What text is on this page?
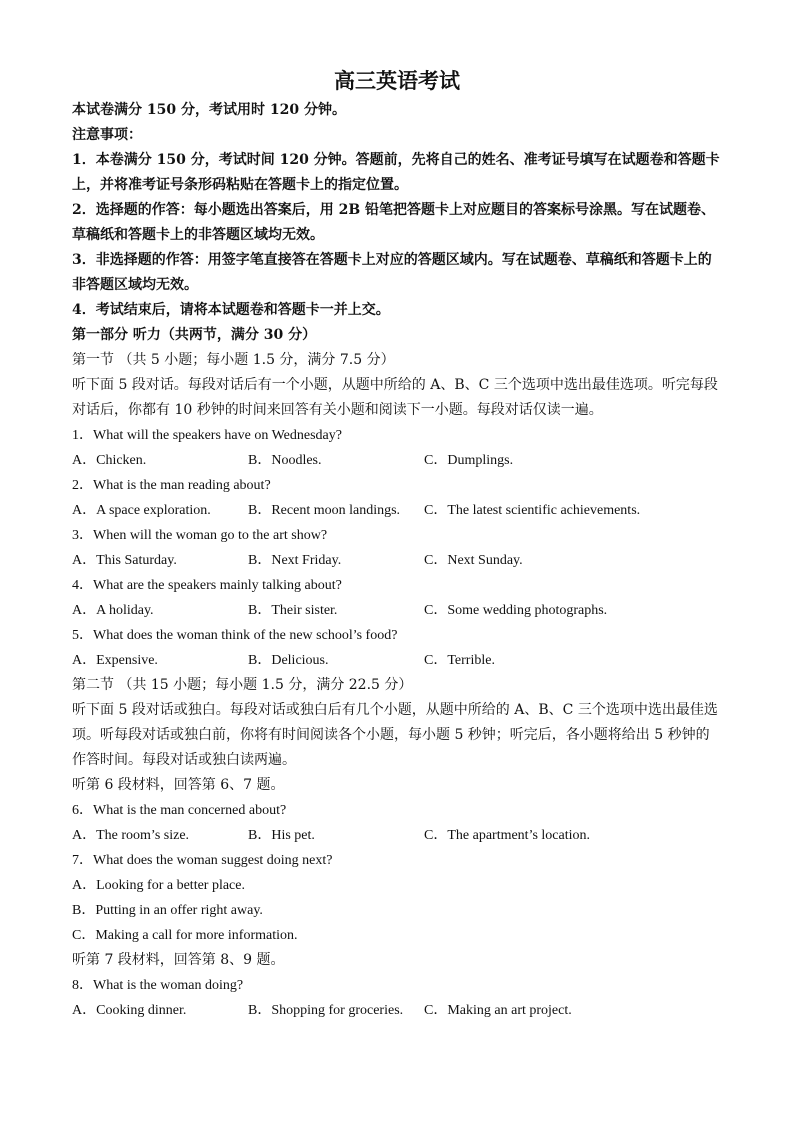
高三英语考试
本试卷满分 150 分，考试用时 120 分钟。
注意事项：
1．本卷满分 150 分，考试时间 120 分钟。答题前，先将自己的姓名、准考证号填写在试题卷和答题卡上，并将准考证号条形码粘贴在答题卡上的指定位置。
2．选择题的作答：每小题选出答案后，用 2B 铅笔把答题卡上对应题目的答案标号涂黑。写在试题卷、草稿纸和答题卡上的非答题区域均无效。
3．非选择题的作答：用签字笔直接答在答题卡上对应的答题区域内。写在试题卷、草稿纸和答题卡上的非答题区域均无效。
4．考试结束后，请将本试题卷和答题卡一并上交。
第一部分 听力（共两节，满分 30 分）
第一节 （共 5 小题；每小题 1.5 分，满分 7.5 分）
听下面 5 段对话。每段对话后有一个小题，从题中所给的 A、B、C 三个选项中选出最佳选项。听完每段对话后，你都有 10 秒钟的时间来回答有关小题和阅读下一小题。每段对话仅读一遍。
1．What will the speakers have on Wednesday?
A．Chicken.	B．Noodles.	C．Dumplings.
2．What is the man reading about?
A．A space exploration.	B．Recent moon landings.	C．The latest scientific achievements.
3．When will the woman go to the art show?
A．This Saturday.	B．Next Friday.	C．Next Sunday.
4．What are the speakers mainly talking about?
A．A holiday.	B．Their sister.	C．Some wedding photographs.
5．What does the woman think of the new school’s food?
A．Expensive.	B．Delicious.	C．Terrible.
第二节 （共 15 小题；每小题 1.5 分，满分 22.5 分）
听下面 5 段对话或独白。每段对话或独白后有几个小题，从题中所给的 A、B、C 三个选项中选出最佳选项。听每段对话或独白前，你将有时间阅读各个小题，每小题 5 秒钟；听完后，各小题将给出 5 秒钟的作答时间。每段对话或独白读两遍。
听第 6 段材料，回答第 6、7 题。
6．What is the man concerned about?
A．The room’s size.	B．His pet.	C．The apartment’s location.
7．What does the woman suggest doing next?
A．Looking for a better place.
B．Putting in an offer right away.
C．Making a call for more information.
听第 7 段材料，回答第 8、9 题。
8．What is the woman doing?
A．Cooking dinner.	B．Shopping for groceries.	C．Making an art project.
